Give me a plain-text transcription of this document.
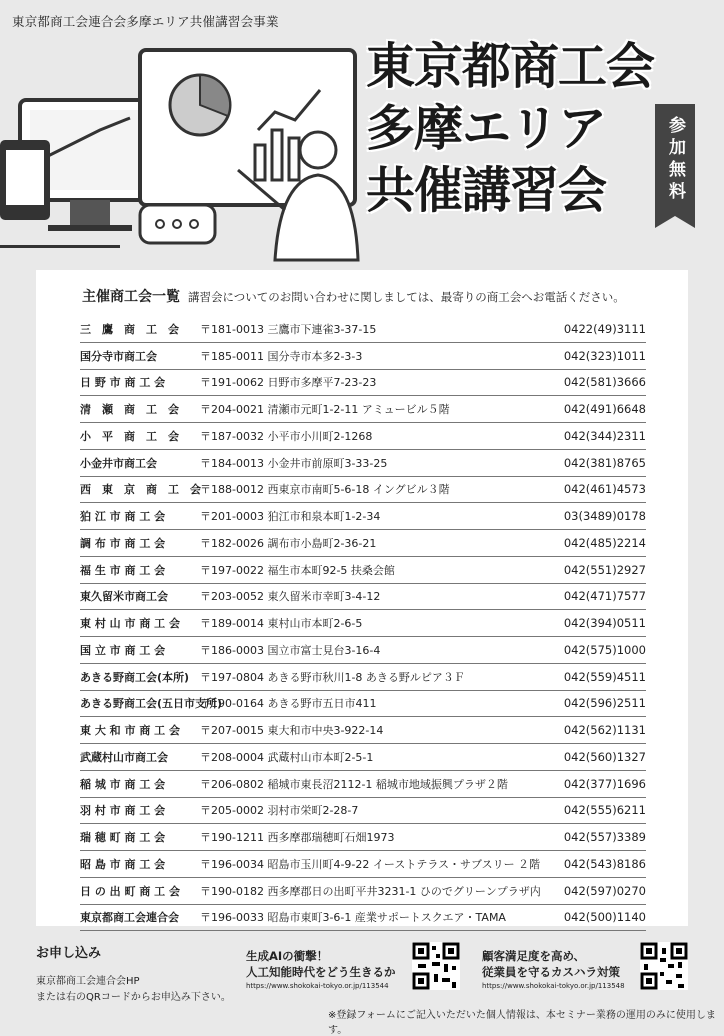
東京都商工会連合会多摩エリア共催講習会事業
東京都商工会
多摩エリア
共催講習会	参加無料
主催商工会一覧 講習会についてのお問い合わせに関しましては、最寄りの商工会へお電話ください。
三　鷹　商　工　会	〒181-0013 三鷹市下連雀3-37-15	0422(49)3111
国分寺市商工会	〒185-0011 国分寺市本多2-3-3	042(323)1011
日 野 市 商 工 会	〒191-0062 日野市多摩平7-23-23	042(581)3666
清　瀬　商　工　会	〒204-0021 清瀬市元町1-2-11 アミュービル５階	042(491)6648
小　平　商　工　会	〒187-0032 小平市小川町2-1268	042(344)2311
小金井市商工会	〒184-0013 小金井市前原町3-33-25	042(381)8765
西　東　京　商　工　会 〒188-0012 西東京市南町5-6-18 イングビル３階	042(461)4573
狛 江 市 商 工 会	〒201-0003 狛江市和泉本町1-2-34	03(3489)0178
調 布 市 商 工 会	〒182-0026 調布市小島町2-36-21	042(485)2214
福 生 市 商 工 会	〒197-0022 福生市本町92-5 扶桑会館	042(551)2927
東久留米市商工会	〒203-0052 東久留米市幸町3-4-12	042(471)7577
東 村 山 市 商 工 会	〒189-0014 東村山市本町2-6-5	042(394)0511
国 立 市 商 工 会	〒186-0003 国立市富士見台3-16-4	042(575)1000
あきる野商工会(本所) 〒197-0804 あきる野市秋川1-8 あきる野ルピア３Ｆ	042(559)4511
あきる野商工会(五日市支所)
〒190-0164 あきる野市五日市411	042(596)2511
東 大 和 市 商 工 会	〒207-0015 東大和市中央3-922-14	042(562)1131
武蔵村山市商工会	〒208-0004 武蔵村山市本町2-5-1	042(560)1327
稲 城 市 商 工 会	〒206-0802 稲城市東長沼2112-1 稲城市地域振興プラザ２階	042(377)1696
羽 村 市 商 工 会	〒205-0002 羽村市栄町2-28-7	042(555)6211
瑞 穂 町 商 工 会	〒190-1211 西多摩郡瑞穂町石畑1973	042(557)3389
昭 島 市 商 工 会	〒196-0034 昭島市玉川町4-9-22 イーストテラス・サブスリー ２階	042(543)8186
日 の 出 町 商 工 会	〒190-0182 西多摩郡日の出町平井3231-1 ひのでグリーンプラザ内	042(597)0270
東京都商工会連合会	〒196-0033 昭島市東町3-6-1 産業サポートスクエア・TAMA	042(500)1140
お申し込み
東京都商工会連合会HP
または右のQRコードからお申込み下さい。
生成AIの衝撃！
人工知能時代をどう生きるか
https://www.shokokai-tokyo.or.jp/113544
顧客満足度を高め、
従業員を守るカスハラ対策
https://www.shokokai-tokyo.or.jp/113548
※登録フォームにご記入いただいた個人情報は、本セミナー業務の運用のみに使用します。
